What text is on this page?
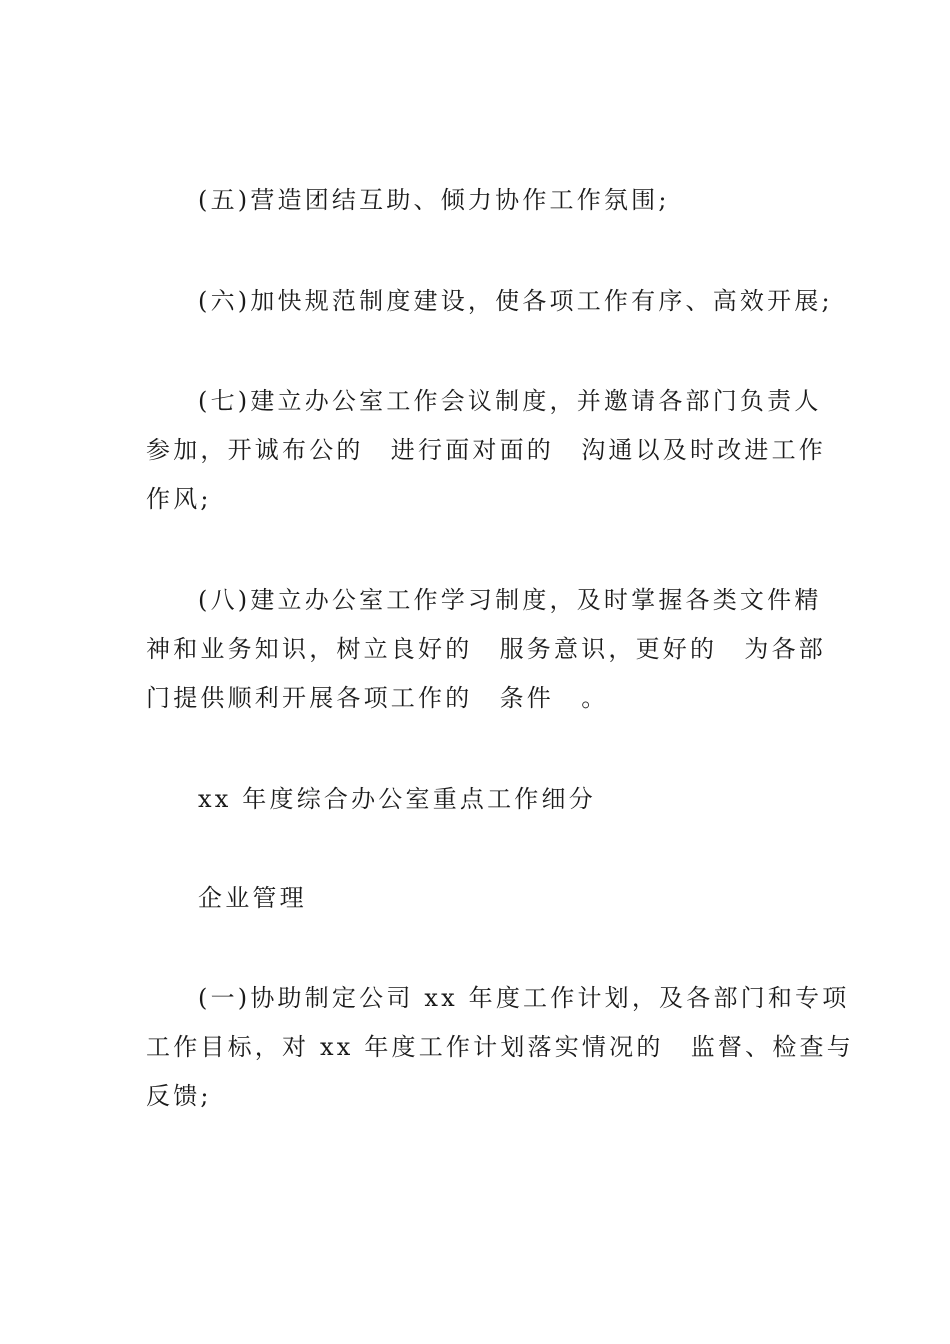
(五)营造团结互助、倾力协作工作氛围;
(六)加快规范制度建设，使各项工作有序、高效开展;
(七)建立办公室工作会议制度，并邀请各部门负责人
参加，开诚布公的　进行面对面的　沟通以及时改进工作
作风;
(八)建立办公室工作学习制度，及时掌握各类文件精
神和业务知识，树立良好的　服务意识，更好的　为各部
门提供顺利开展各项工作的　条件　。
xx 年度综合办公室重点工作细分
企业管理
(一)协助制定公司 xx 年度工作计划，及各部门和专项
工作目标，对 xx 年度工作计划落实情况的　监督、检查与
反馈;
